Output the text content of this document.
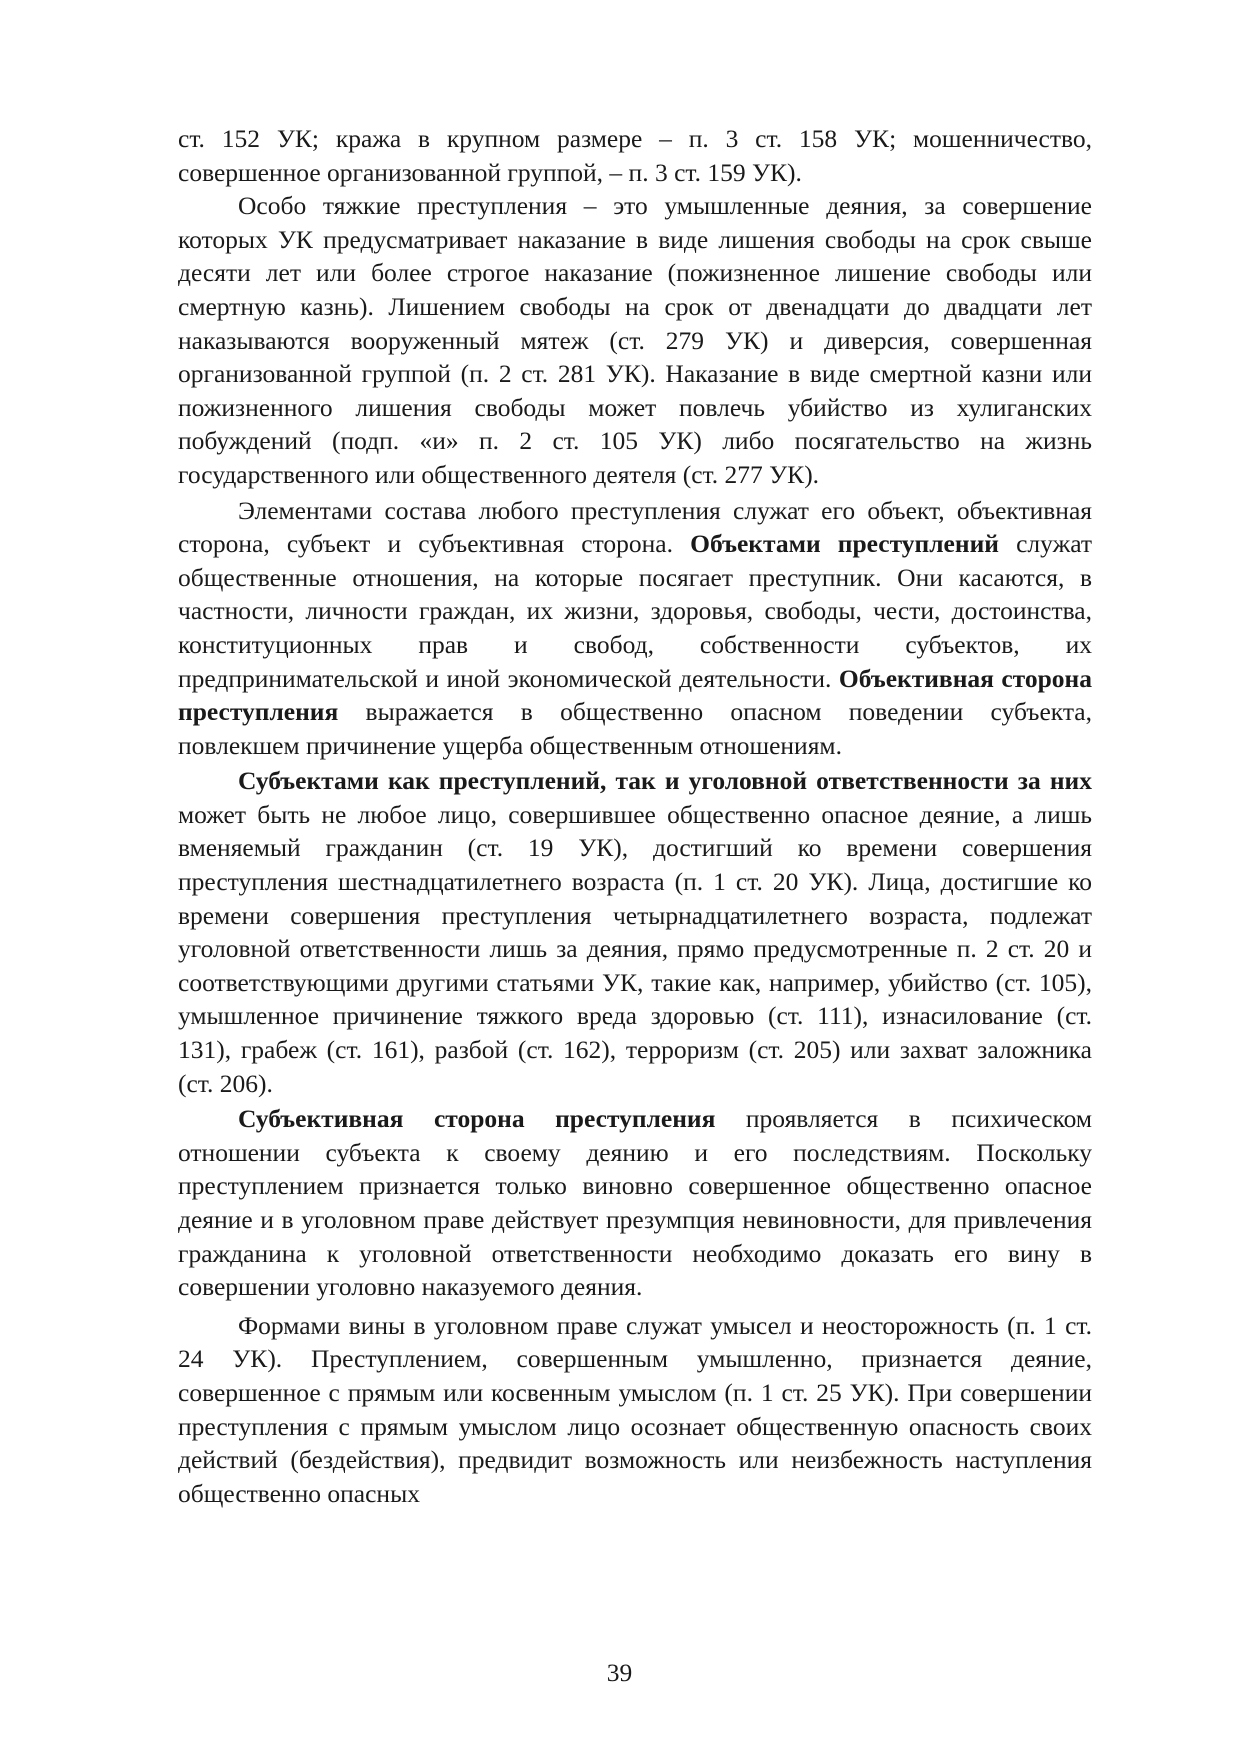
ст. 152 УК; кража в крупном размере – п. 3 ст. 158 УК; мошенничество, совершенное организованной группой, – п. 3 ст. 159 УК).

Особо тяжкие преступления – это умышленные деяния, за совершение которых УК предусматривает наказание в виде лишения свободы на срок свыше десяти лет или более строгое наказание (пожизненное лишение свободы или смертную казнь). Лишением свободы на срок от двенадцати до двадцати лет наказываются вооруженный мятеж (ст. 279 УК) и диверсия, совершенная организованной группой (п. 2 ст. 281 УК). Наказание в виде смертной казни или пожизненного лишения свободы может повлечь убийство из хулиганских побуждений (подп. «и» п. 2 ст. 105 УК) либо посягательство на жизнь государственного или общественного деятеля (ст. 277 УК).

Элементами состава любого преступления служат его объект, объективная сторона, субъект и субъективная сторона. Объектами преступлений служат общественные отношения, на которые посягает преступник. Они касаются, в частности, личности граждан, их жизни, здоровья, свободы, чести, достоинства, конституционных прав и свобод, собственности субъектов, их предпринимательской и иной экономической деятельности. Объективная сторона преступления выражается в общественно опасном поведении субъекта, повлекшем причинение ущерба общественным отношениям.

Субъектами как преступлений, так и уголовной ответственности за них может быть не любое лицо, совершившее общественно опасное деяние, а лишь вменяемый гражданин (ст. 19 УК), достигший ко времени совершения преступления шестнадцатилетнего возраста (п. 1 ст. 20 УК). Лица, достигшие ко времени совершения преступления четырнадцатилетнего возраста, подлежат уголовной ответственности лишь за деяния, прямо предусмотренные п. 2 ст. 20 и соответствующими другими статьями УК, такие как, например, убийство (ст. 105), умышленное причинение тяжкого вреда здоровью (ст. 111), изнасилование (ст. 131), грабеж (ст. 161), разбой (ст. 162), терроризм (ст. 205) или захват заложника (ст. 206).

Субъективная сторона преступления проявляется в психическом отношении субъекта к своему деянию и его последствиям. Поскольку преступлением признается только виновно совершенное общественно опасное деяние и в уголовном праве действует презумпция невиновности, для привлечения гражданина к уголовной ответственности необходимо доказать его вину в совершении уголовно наказуемого деяния.

Формами вины в уголовном праве служат умысел и неосторожность (п. 1 ст. 24 УК). Преступлением, совершенным умышленно, признается деяние, совершенное с прямым или косвенным умыслом (п. 1 ст. 25 УК). При совершении преступления с прямым умыслом лицо осознает общественную опасность своих действий (бездействия), предвидит возможность или неизбежность наступления общественно опасных

39
